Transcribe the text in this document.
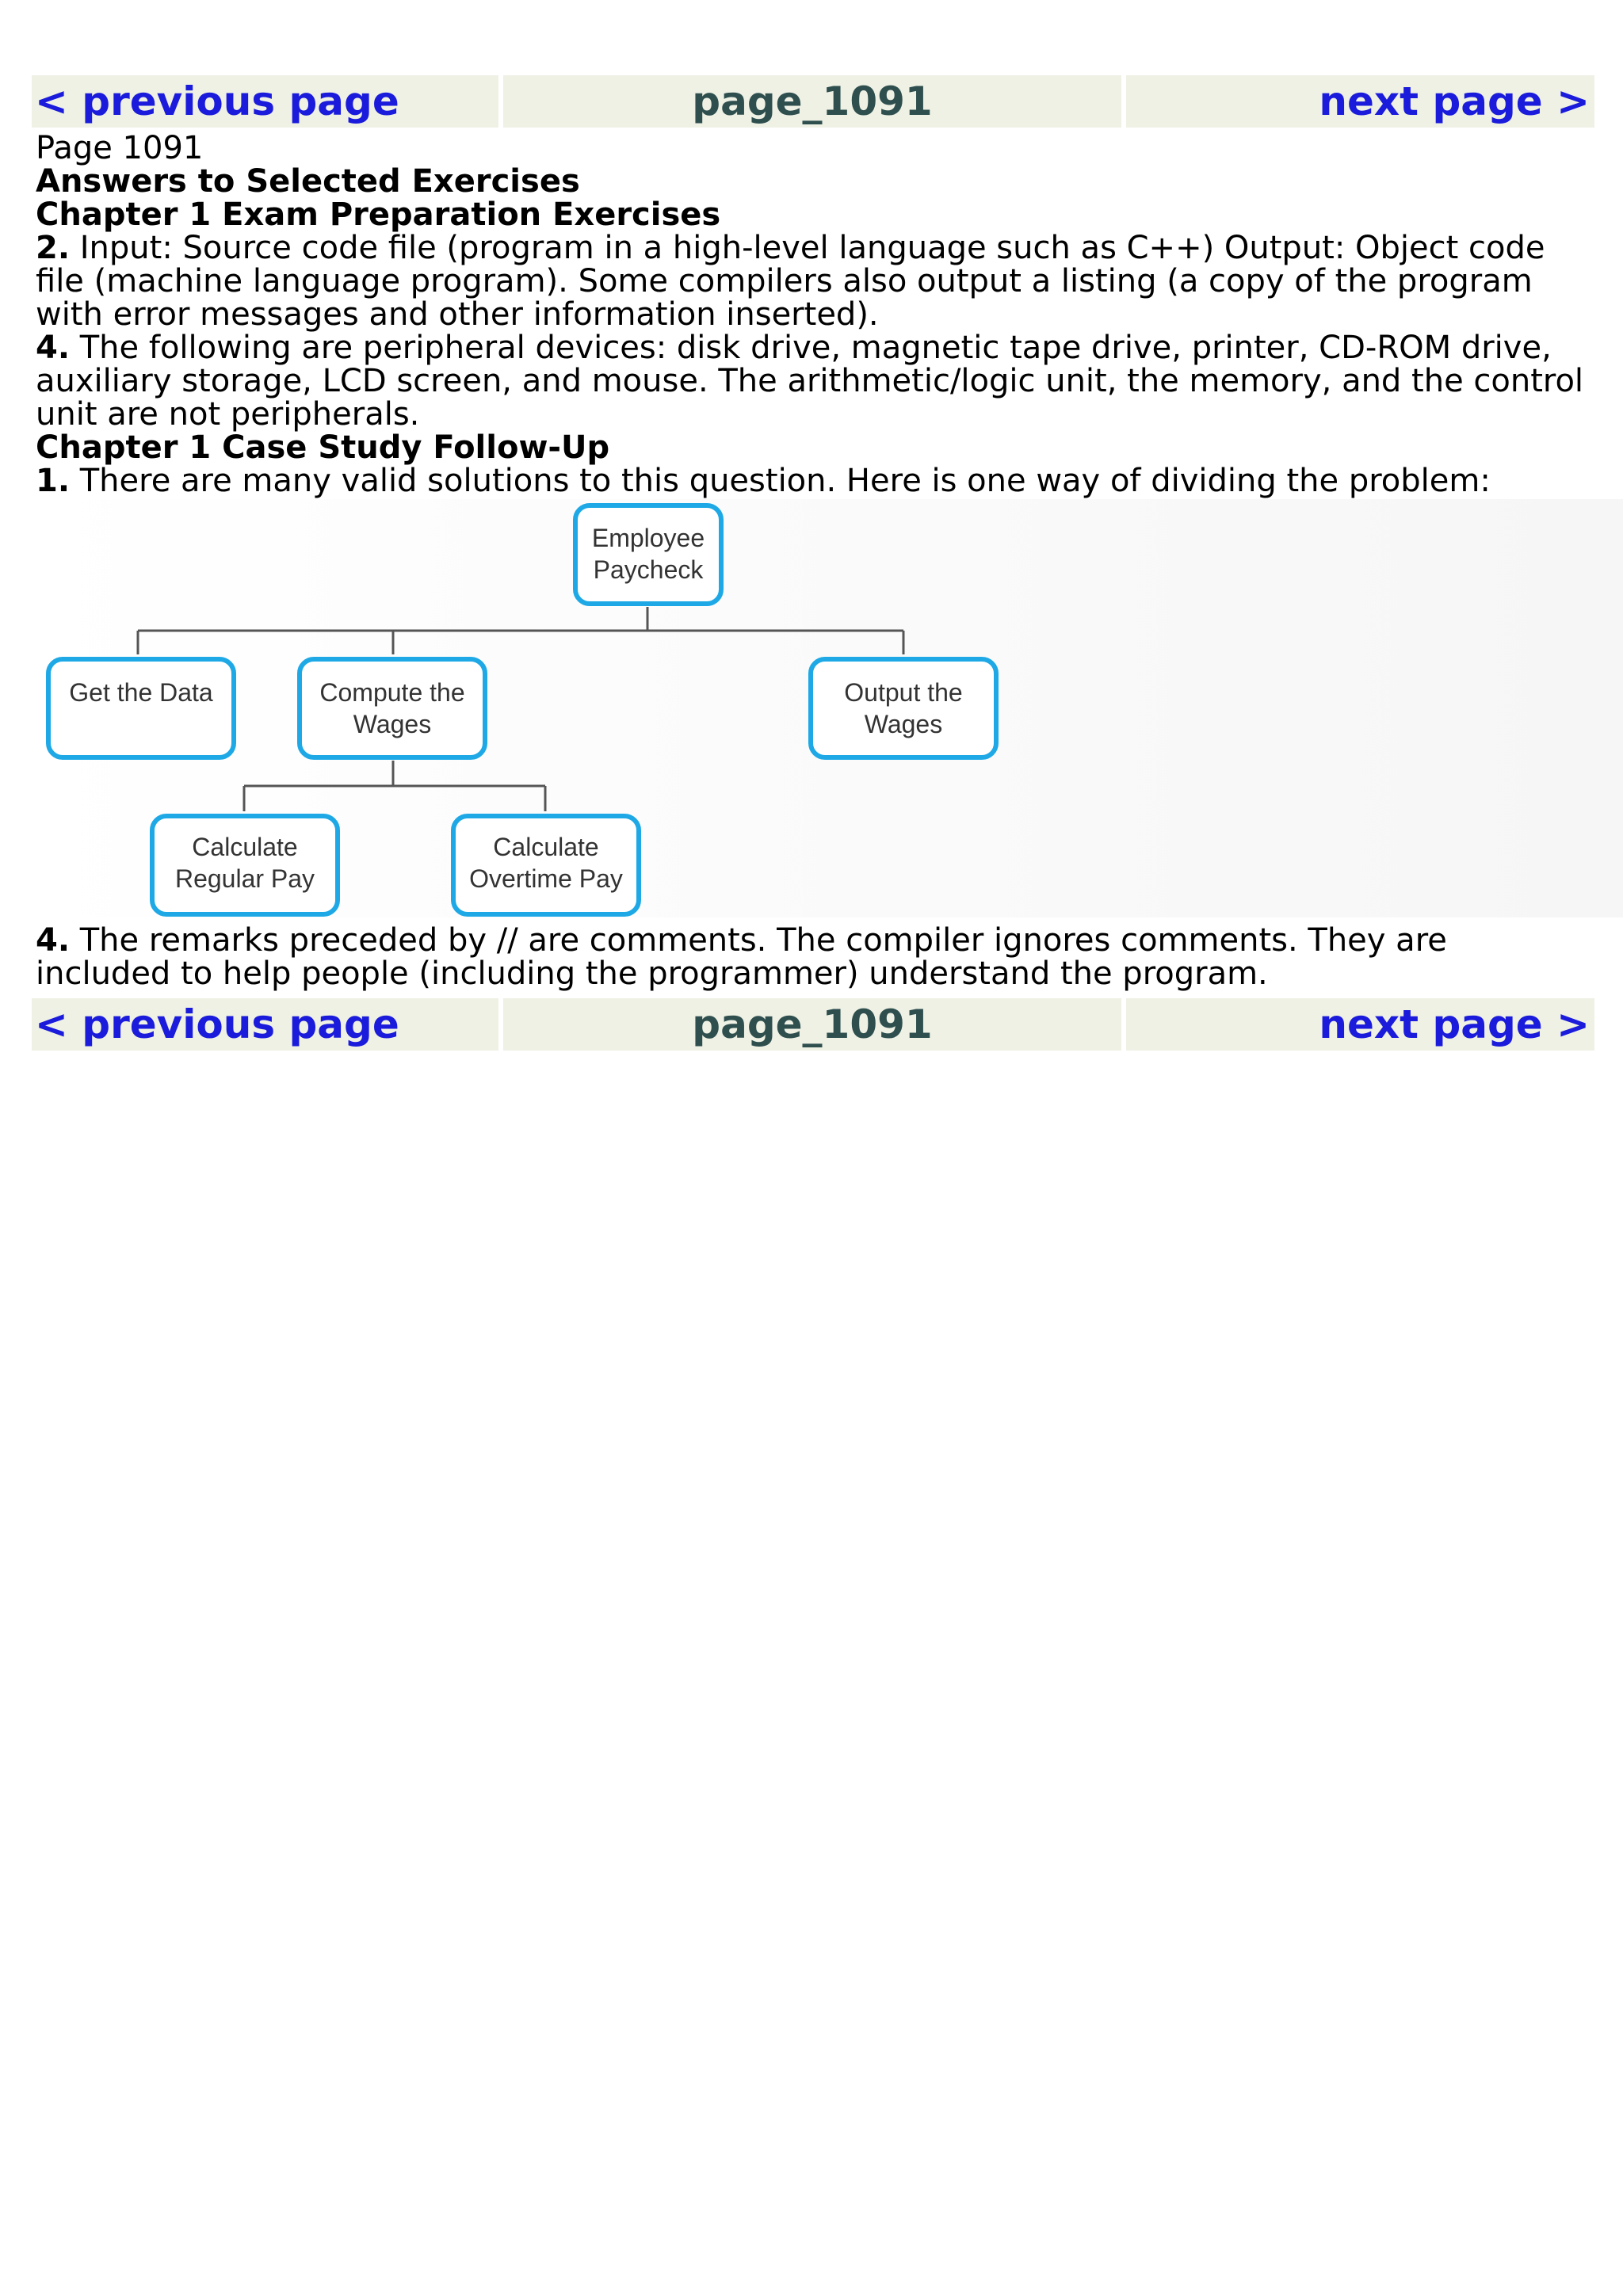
< previous page	page_1091	next page >

Page 1091

Answers to Selected Exercises
Chapter 1 Exam Preparation Exercises

2. Input: Source code file (program in a high-level language such as C++) Output: Object code file (machine language program). Some compilers also output a listing (a copy of the program with error messages and other information inserted).

4. The following are peripheral devices: disk drive, magnetic tape drive, printer, CD-ROM drive, auxiliary storage, LCD screen, and mouse. The arithmetic/logic unit, the memory, and the control unit are not peripherals.

Chapter 1 Case Study Follow-Up

1. There are many valid solutions to this question. Here is one way of dividing the problem:

Employee
Paycheck
Get the Data	Compute the
Wages
Output the
Wages
Calculate
Regular Pay
Calculate
Overtime Pay

4. The remarks preceded by // are comments. The compiler ignores comments. They are included to help people (including the programmer) understand the program.

< previous page	page_1091	next page >
